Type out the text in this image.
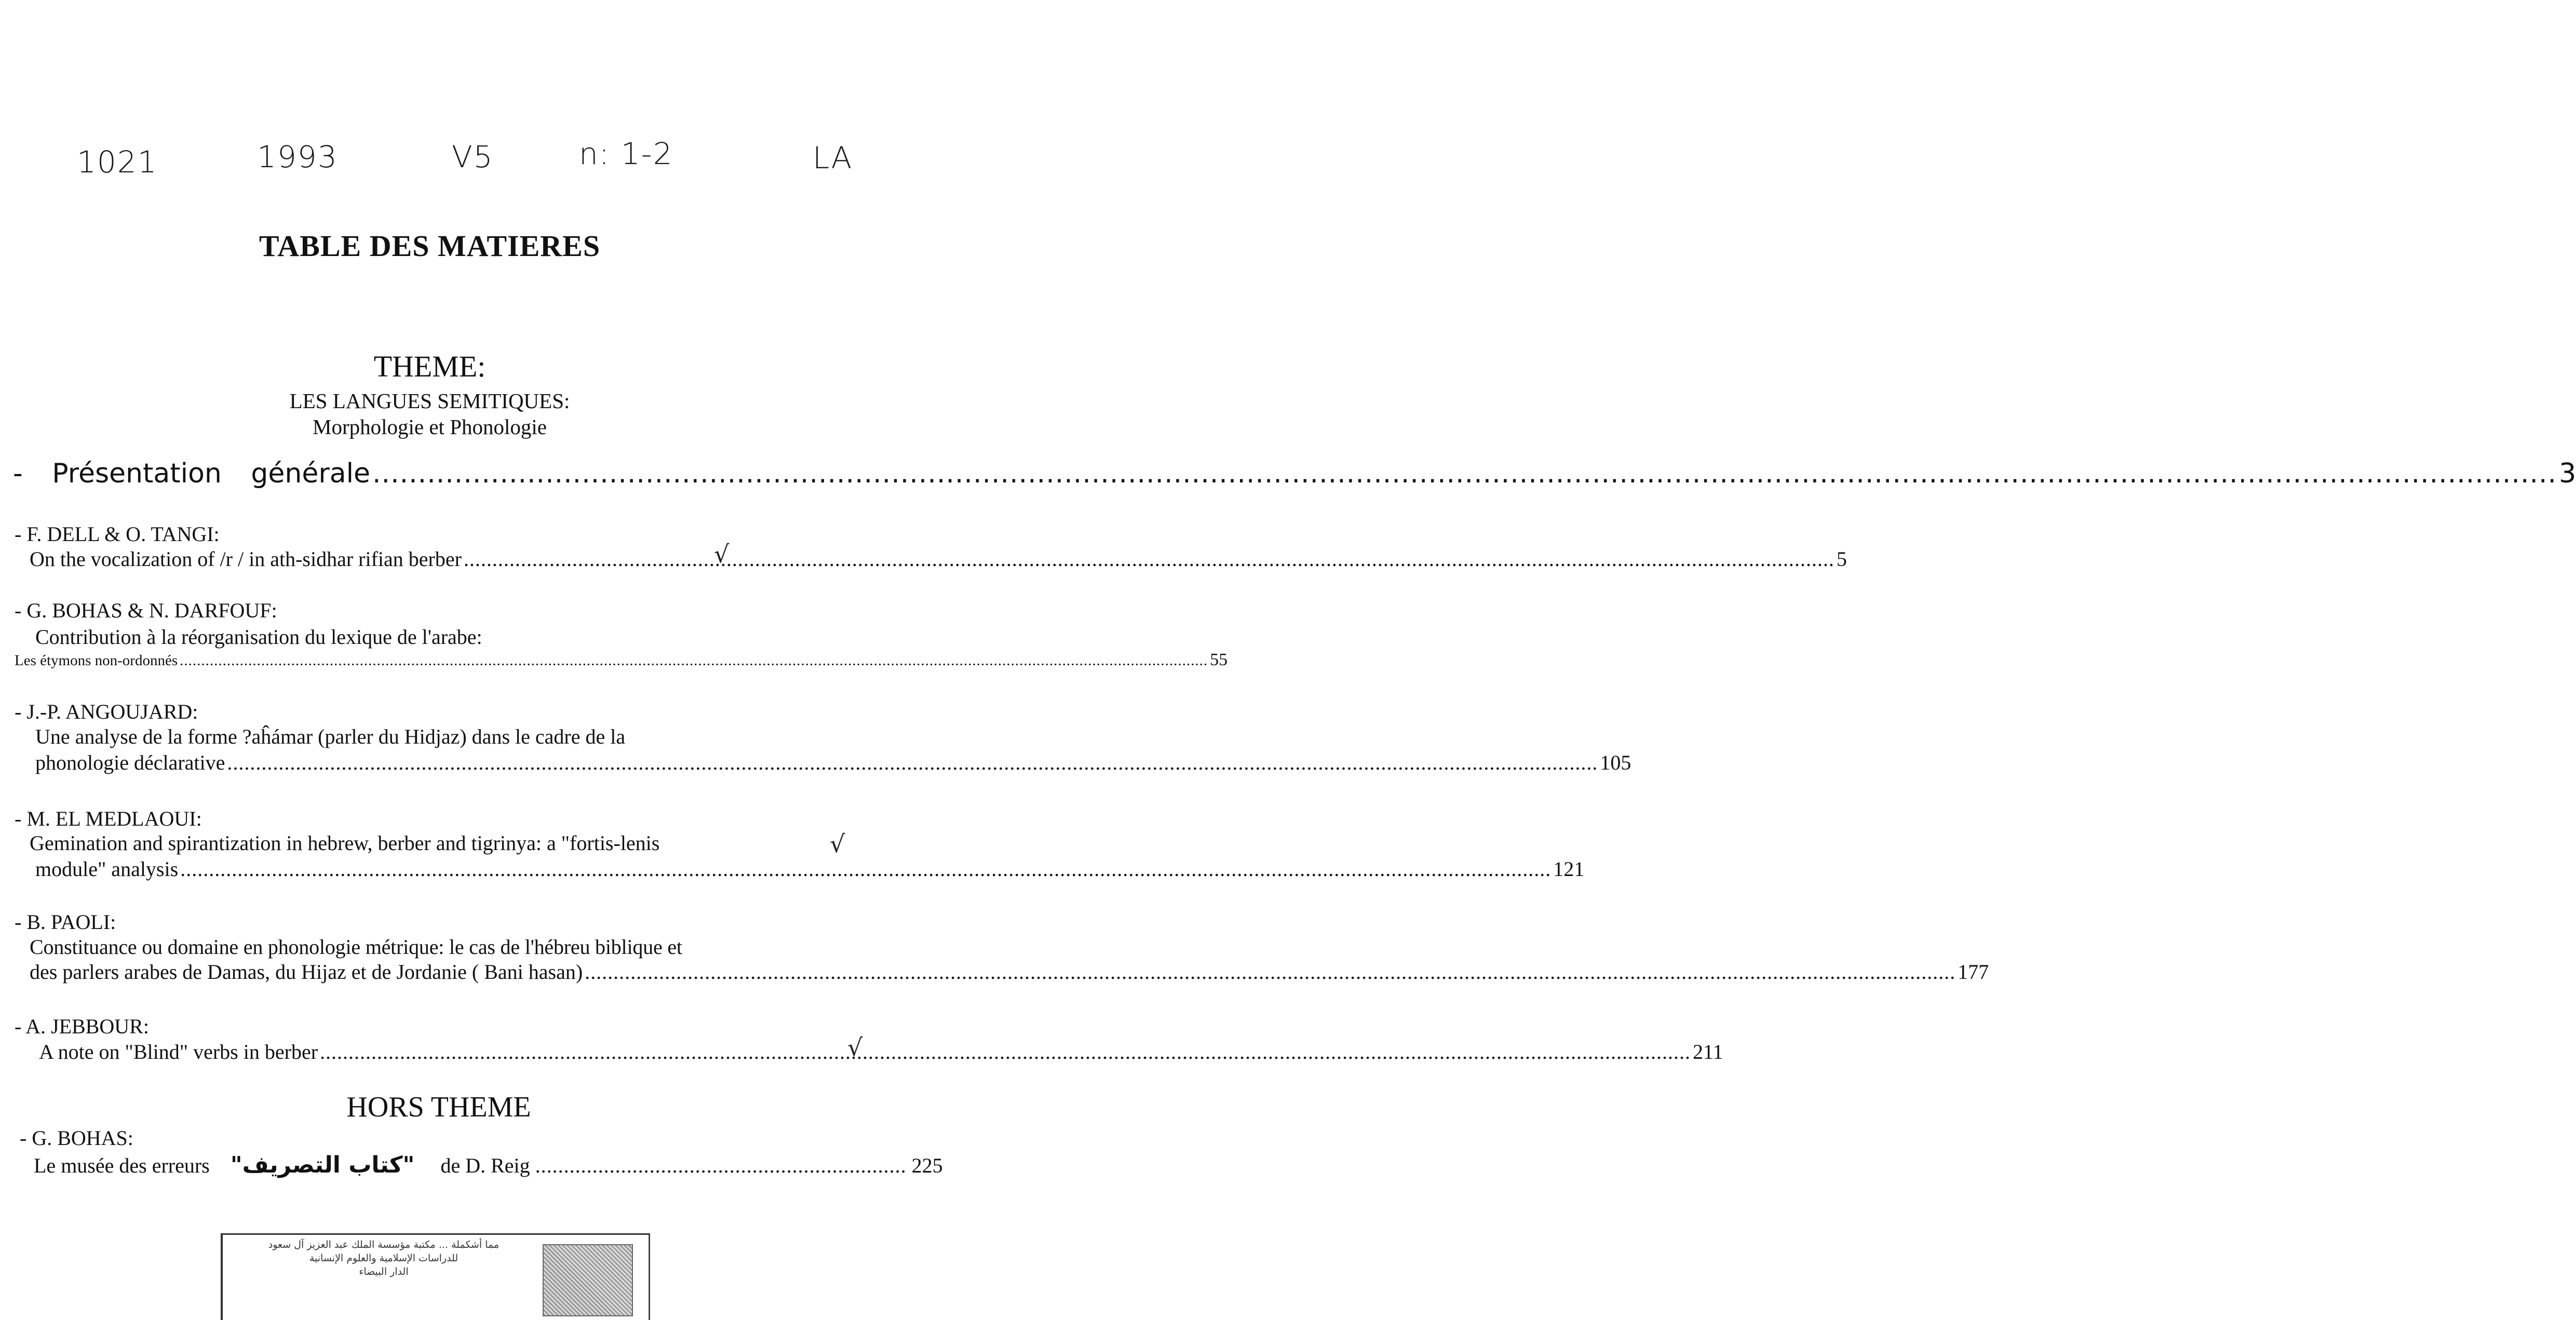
1021	1993	V5	n: 1-2	LA
TABLE DES MATIERES
THEME:
LES LANGUES SEMITIQUES:
Morphologie et Phonologie
- Présentation générale .....	3
- F. DELL & O. TANGI:
On the vocalization of /r / in ath-sidhar rifian berber .....	5
√
- G. BOHAS & N. DARFOUF:
Contribution à la réorganisation du lexique de l'arabe:
Les étymons non-ordonnés .....	55
- J.-P. ANGOUJARD:
Une analyse de la forme ?aĥámar (parler du Hidjaz) dans le cadre de la
phonologie déclarative .....	105
- M. EL MEDLAOUI:
Gemination and spirantization in hebrew, berber and tigrinya: a "fortis-lenis	√
module" analysis .....	121
- B. PAOLI:
Constituance ou domaine en phonologie métrique: le cas de l'hébreu biblique et
des parlers arabes de Damas, du Hijaz et de Jordanie ( Bani hasan) .....	177
- A. JEBBOUR:
A note on "Blind" verbs in berber .....	211
√
HORS THEME
- G. BOHAS:
Le musée des erreurs "كتاب التصريف" de D. Reig ................................................................. 225
مما أشكملة ... مكتبة مؤسسة الملك عبد العزيز آل سعود
للدراسات الإسلامية والعلوم الإنسانية
الدار البيضاء
